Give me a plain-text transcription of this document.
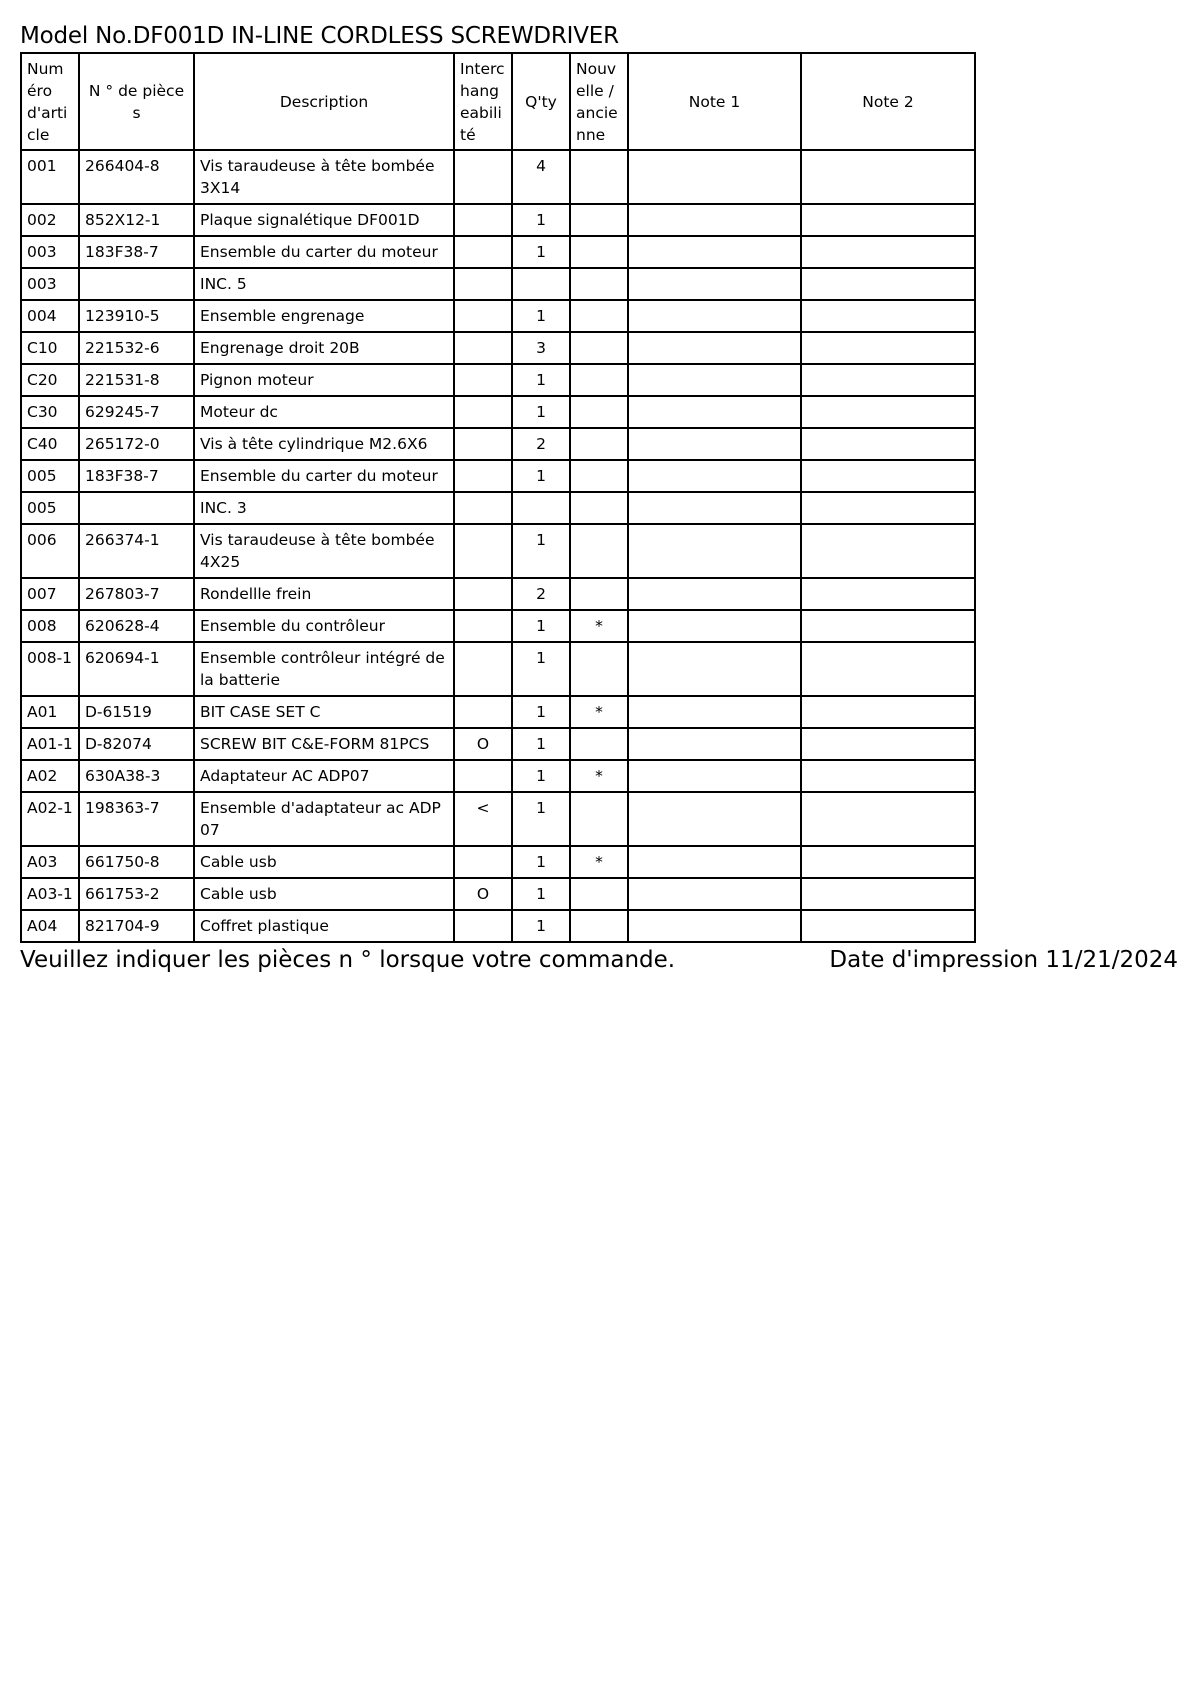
Model No.DF001D IN-LINE CORDLESS SCREWDRIVER
Numéro d'article	N ° de pièces	Description	Interchangeabilité	Q'ty	Nouvelle / ancienne	Note 1	Note 2
001	266404-8	Vis taraudeuse à tête bombée 3X14		4			
002	852X12-1	Plaque signalétique DF001D		1			
003	183F38-7	Ensemble du carter du moteur		1			
003		INC. 5					
004	123910-5	Ensemble engrenage		1			
C10	221532-6	Engrenage droit 20B		3			
C20	221531-8	Pignon moteur		1			
C30	629245-7	Moteur dc		1			
C40	265172-0	Vis à tête cylindrique M2.6X6		2			
005	183F38-7	Ensemble du carter du moteur		1			
005		INC. 3					
006	266374-1	Vis taraudeuse à tête bombée 4X25		1			
007	267803-7	Rondellle frein		2			
008	620628-4	Ensemble du contrôleur		1	*		
008-1	620694-1	Ensemble contrôleur intégré de la batterie		1			
A01	D-61519	BIT CASE SET C		1	*		
A01-1	D-82074	SCREW BIT C&E-FORM 81PCS	O	1			
A02	630A38-3	Adaptateur AC ADP07		1	*		
A02-1	198363-7	Ensemble d'adaptateur ac ADP07	<	1			
A03	661750-8	Cable usb		1	*		
A03-1	661753-2	Cable usb	O	1			
A04	821704-9	Coffret plastique		1			
Veuillez indiquer les pièces n ° lorsque votre commande.	Date d'impression 11/21/2024
